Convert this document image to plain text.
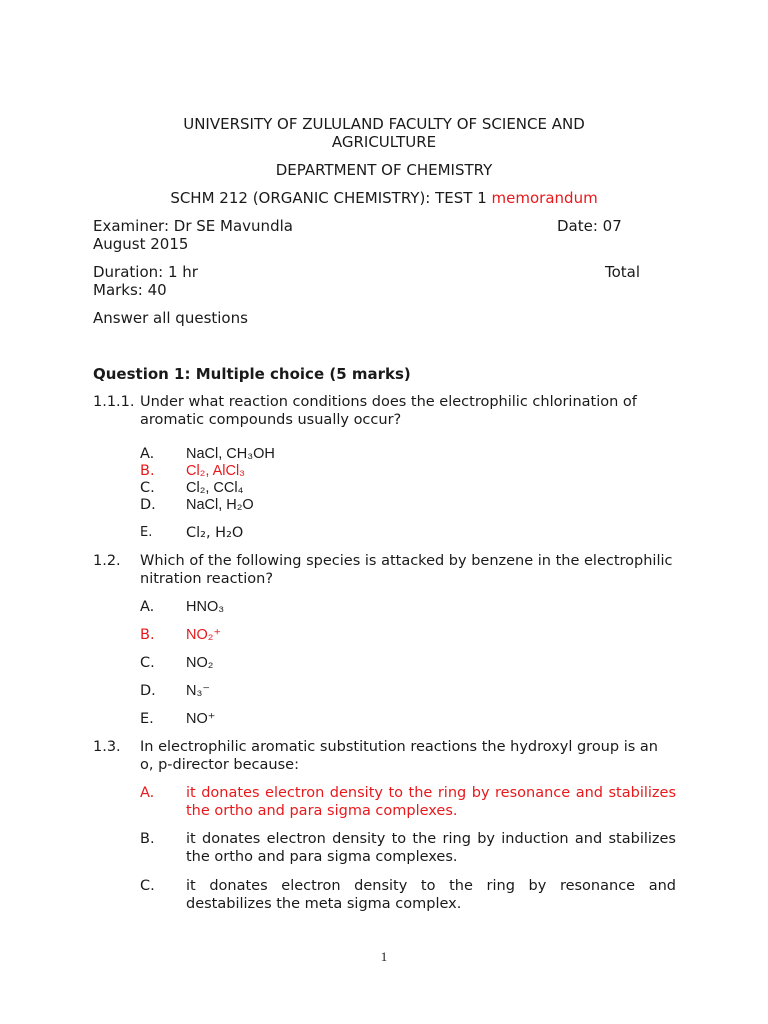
UNIVERSITY OF ZULULAND FACULTY OF SCIENCE AND
AGRICULTURE
DEPARTMENT OF CHEMISTRY
SCHM 212 (ORGANIC CHEMISTRY): TEST 1 memorandum
Examiner: Dr SE Mavundla	Date: 07
August 2015
Duration: 1 hr	Total
Marks: 40
Answer all questions
Question 1: Multiple choice (5 marks)
1.1.1. Under what reaction conditions does the electrophilic chlorination of aromatic compounds usually occur?
A. NaCl, CH₃OH
B. Cl₂, AlCl₃
C. Cl₂, CCl₄
D. NaCl, H₂O
E. Cl₂, H₂O
1.2. Which of the following species is attacked by benzene in the electrophilic nitration reaction?
A. HNO₃
B. NO₂⁺
C. NO₂
D. N₃⁻
E. NO⁺
1.3. In electrophilic aromatic substitution reactions the hydroxyl group is an o, p-director because:
A. it donates electron density to the ring by resonance and stabilizes the ortho and para sigma complexes.
B. it donates electron density to the ring by induction and stabilizes the ortho and para sigma complexes.
C. it donates electron density to the ring by resonance and destabilizes the meta sigma complex.
1
